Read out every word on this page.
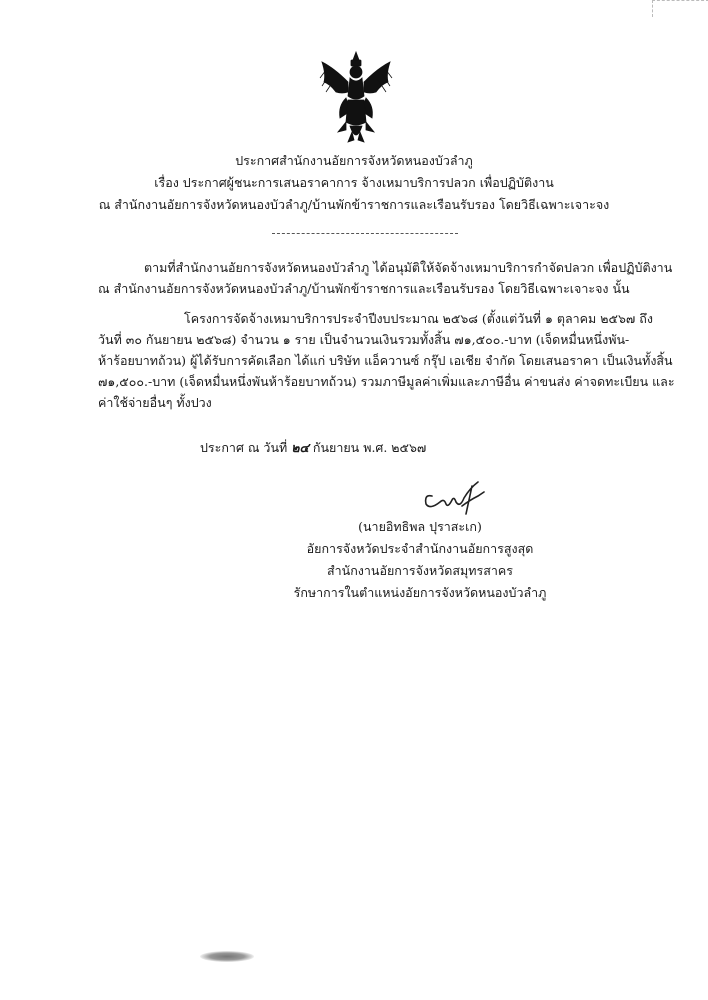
ประกาศสำนักงานอัยการจังหวัดหนองบัวลำภู
เรื่อง ประกาศผู้ชนะการเสนอราคาการ จ้างเหมาบริการปลวก เพื่อปฏิบัติงาน
ณ สำนักงานอัยการจังหวัดหนองบัวลำภู/บ้านพักข้าราชการและเรือนรับรอง โดยวิธีเฉพาะเจาะจง
ตามที่สำนักงานอัยการจังหวัดหนองบัวลำภู ได้อนุมัติให้จัดจ้างเหมาบริการกำจัดปลวก เพื่อปฏิบัติงาน
ณ สำนักงานอัยการจังหวัดหนองบัวลำภู/บ้านพักข้าราชการและเรือนรับรอง โดยวิธีเฉพาะเจาะจง นั้น
โครงการจัดจ้างเหมาบริการประจำปีงบประมาณ ๒๕๖๘ (ตั้งแต่วันที่ ๑ ตุลาคม ๒๕๖๗ ถึง
วันที่ ๓๐ กันยายน ๒๕๖๘) จำนวน ๑ ราย เป็นจำนวนเงินรวมทั้งสิ้น ๗๑,๕๐๐.-บาท (เจ็ดหมื่นหนึ่งพัน-
ห้าร้อยบาทถ้วน) ผู้ได้รับการคัดเลือก ได้แก่ บริษัท แอ็ควานซ์ กรุ๊ป เอเชีย จำกัด โดยเสนอราคา เป็นเงินทั้งสิ้น
๗๑,๕๐๐.-บาท (เจ็ดหมื่นหนึ่งพันห้าร้อยบาทถ้วน) รวมภาษีมูลค่าเพิ่มและภาษีอื่น ค่าขนส่ง ค่าจดทะเบียน และ
ค่าใช้จ่ายอื่นๆ ทั้งปวง
ประกาศ ณ วันที่ ๒๔ กันยายน พ.ศ. ๒๕๖๗
(นายอิทธิพล ปุราสะเก)
อัยการจังหวัดประจำสำนักงานอัยการสูงสุด
สำนักงานอัยการจังหวัดสมุทรสาคร
รักษาการในตำแหน่งอัยการจังหวัดหนองบัวลำภู
